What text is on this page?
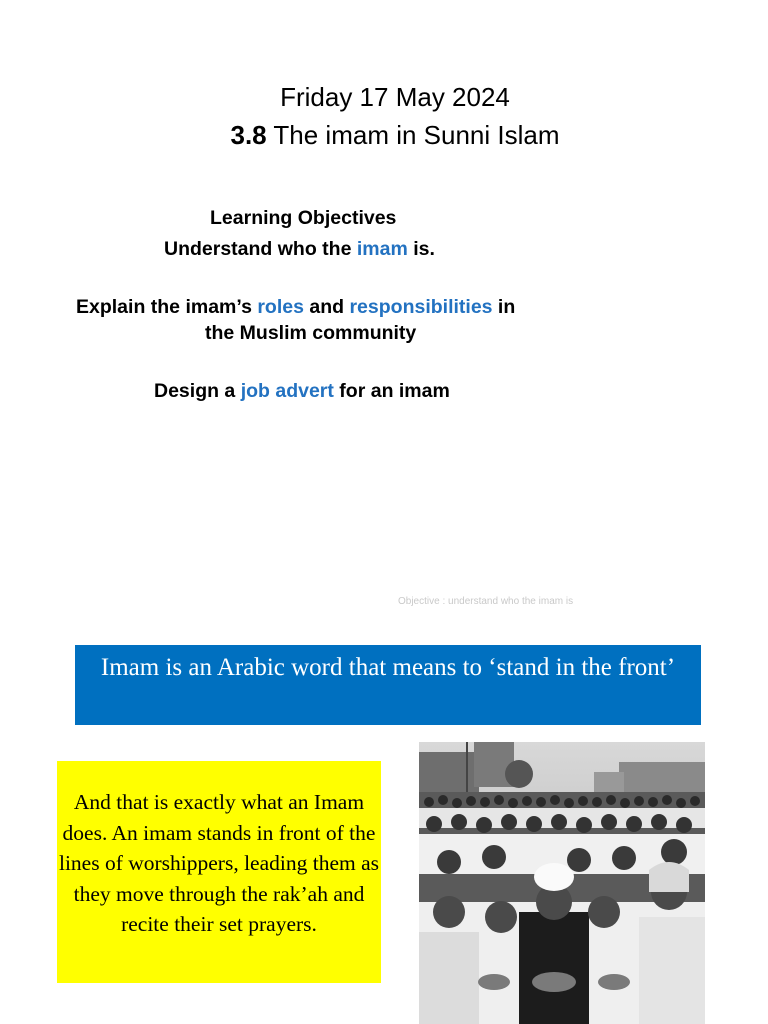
Friday 17 May 2024
3.8 The imam in Sunni Islam
Learning Objectives
Understand who the imam is.
Explain the imam’s roles and responsibilities in
the Muslim community
Design a job advert for an imam
Objective : understand who the imam is
Imam is an Arabic word that means to ‘stand in the front’
And that is exactly what an Imam does. An imam stands in front of the lines of worshippers, leading them as they move through the rak’ah and recite their set prayers.
